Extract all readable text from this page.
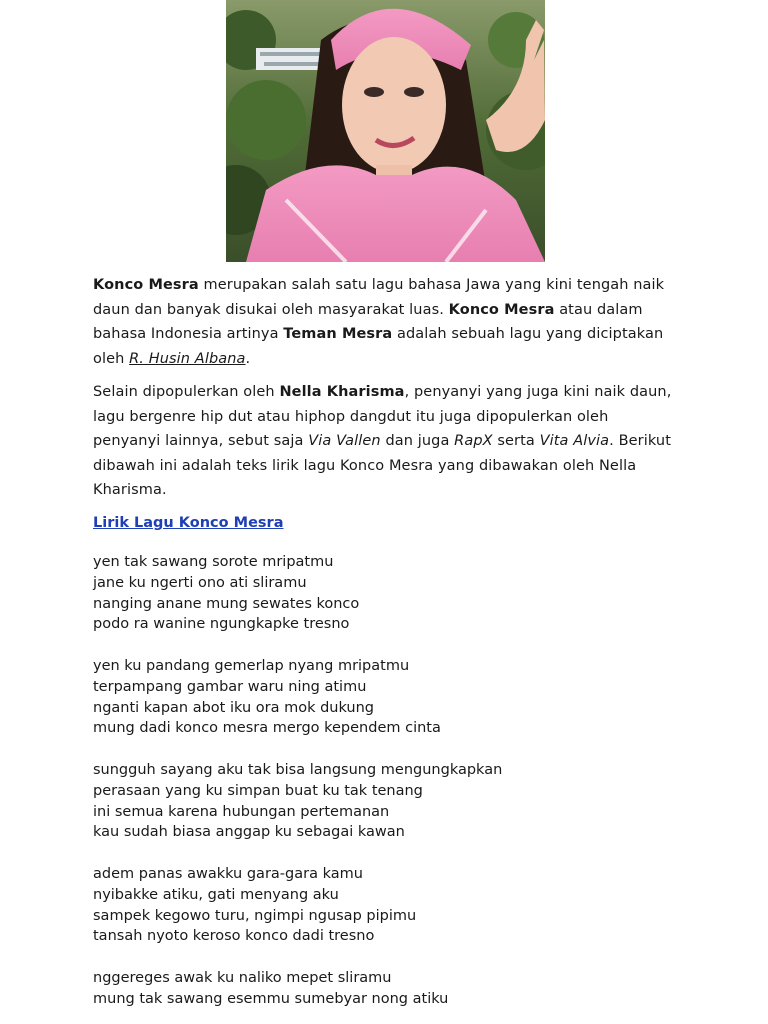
Konco Mesra merupakan salah satu lagu bahasa Jawa yang kini tengah naik daun dan banyak disukai oleh masyarakat luas. Konco Mesra atau dalam bahasa Indonesia artinya Teman Mesra adalah sebuah lagu yang diciptakan oleh R. Husin Albana.
Selain dipopulerkan oleh Nella Kharisma, penyanyi yang juga kini naik daun, lagu bergenre hip dut atau hiphop dangdut itu juga dipopulerkan oleh penyanyi lainnya, sebut saja Via Vallen dan juga RapX serta Vita Alvia. Berikut dibawah ini adalah teks lirik lagu Konco Mesra yang dibawakan oleh Nella Kharisma.
Lirik Lagu Konco Mesra
yen tak sawang sorote mripatmu
jane ku ngerti ono ati sliramu
nanging anane mung sewates konco
podo ra wanine ngungkapke tresno
yen ku pandang gemerlap nyang mripatmu
terpampang gambar waru ning atimu
nganti kapan abot iku ora mok dukung
mung dadi konco mesra mergo kependem cinta
sungguh sayang aku tak bisa langsung mengungkapkan
perasaan yang ku simpan buat ku tak tenang
ini semua karena hubungan pertemanan
kau sudah biasa anggap ku sebagai kawan
adem panas awakku gara-gara kamu
nyibakke atiku, gati menyang aku
sampek kegowo turu, ngimpi ngusap pipimu
tansah nyoto keroso konco dadi tresno
nggereges awak ku naliko mepet sliramu
mung tak sawang esemmu sumebyar nong atiku
